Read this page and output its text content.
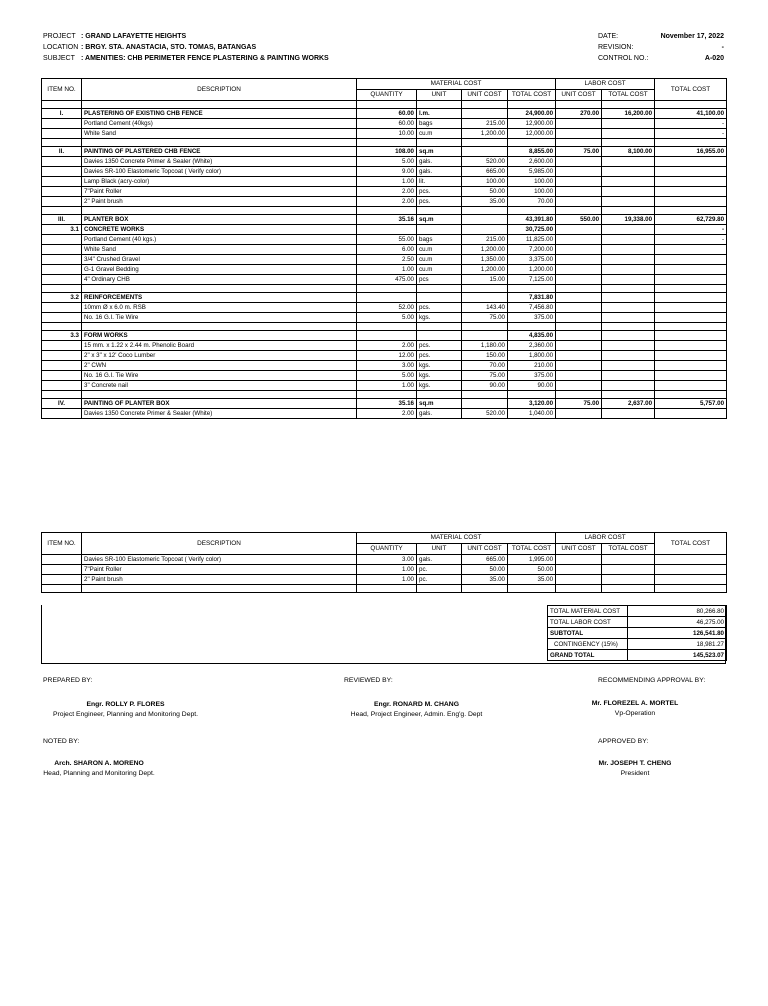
PROJECT : GRAND LAFAYETTE HEIGHTS
LOCATION : BRGY. STA. ANASTACIA, STO. TOMAS, BATANGAS
SUBJECT : AMENITIES: CHB PERIMETER FENCE PLASTERING & PAINTING WORKS
DATE:	November 17, 2022
REVISION:	-
CONTROL NO.:	A-020
ITEM NO.	DESCRIPTION	MATERIAL COST				LABOR COST		TOTAL COST
		QUANTITY	UNIT	UNIT COST	TOTAL COST	UNIT COST	TOTAL COST	

I.	PLASTERING OF EXISTING CHB FENCE	60.00	l.m.		24,900.00	270.00	16,200.00	41,100.00
	Portland Cement (40kgs)	60.00	bags	215.00	12,900.00			-
	White Sand	10.00	cu.m	1,200.00	12,000.00			-

II.	PAINTING OF PLASTERED CHB FENCE	108.00	sq.m		8,855.00	75.00	8,100.00	16,955.00
	Davies 1350 Concrete Primer & Sealer (White)	5.00	gals.	520.00	2,600.00			
	Davies SR-100 Elastomeric Topcoat ( Verify color)	9.00	gals.	665.00	5,985.00			
	Lamp Black (acry-color)	1.00	lit.	100.00	100.00			
	7"Paint Roller	2.00	pcs.	50.00	100.00			
	2" Paint brush	2.00	pcs.	35.00	70.00			

III.	PLANTER BOX	35.16	sq.m		43,391.80	550.00	19,338.00	62,729.80
3.1	CONCRETE WORKS				30,725.00			-
	Portland Cement (40 kgs.)	55.00	bags	215.00	11,825.00			-
	White Sand	6.00	cu.m	1,200.00	7,200.00			
	3/4" Crushed Gravel	2.50	cu.m	1,350.00	3,375.00			
	G-1 Gravel Bedding	1.00	cu.m	1,200.00	1,200.00			
	4" Ordinary CHB	475.00	pcs	15.00	7,125.00			

3.2	REINFORCEMENTS				7,831.80			
	10mm Ø x 6.0 m. RSB	52.00	pcs.	143.40	7,456.80			
	No. 16 G.I. Tie Wire	5.00	kgs.	75.00	375.00			

3.3	FORM WORKS				4,835.00			
	15 mm. x 1.22 x 2.44 m. Phenolic Board	2.00	pcs.	1,180.00	2,360.00			
	2" x 3" x 12' Coco Lumber	12.00	pcs.	150.00	1,800.00			
	2" CWN	3.00	kgs.	70.00	210.00			
	No. 16 G.I. Tie Wire	5.00	kgs.	75.00	375.00			
	3" Concrete nail	1.00	kgs.	90.00	90.00			

IV.	PAINTING OF PLANTER BOX	35.16	sq.m		3,120.00	75.00	2,637.00	5,757.00
	Davies 1350 Concrete Primer & Sealer (White)	2.00	gals.	520.00	1,040.00			
ITEM NO.	DESCRIPTION	MATERIAL COST				LABOR COST		TOTAL COST
		QUANTITY	UNIT	UNIT COST	TOTAL COST	UNIT COST	TOTAL COST	
	Davies SR-100 Elastomeric Topcoat ( Verify color)	3.00	gals.	665.00	1,995.00			
	7"Paint Roller	1.00	pc.	50.00	50.00			
	2" Paint brush	1.00	pc.	35.00	35.00			

TOTAL MATERIAL COST	80,266.80
TOTAL LABOR COST	46,275.00
SUBTOTAL	126,541.80
CONTINGENCY (15%)	18,981.27
GRAND TOTAL	145,523.07
PREPARED BY:
Engr. ROLLY P. FLORES
Project Engineer, Planning and Monitoring Dept.
REVIEWED BY:
Engr. RONARD M. CHANG
Head, Project Engineer, Admin. Eng'g. Dept
RECOMMENDING APPROVAL BY:
Mr. FLOREZEL A. MORTEL
Vp-Operation
NOTED BY:
Arch. SHARON A. MORENO
Head, Planning and Monitoring Dept.
APPROVED BY:
Mr. JOSEPH T. CHENG
President
